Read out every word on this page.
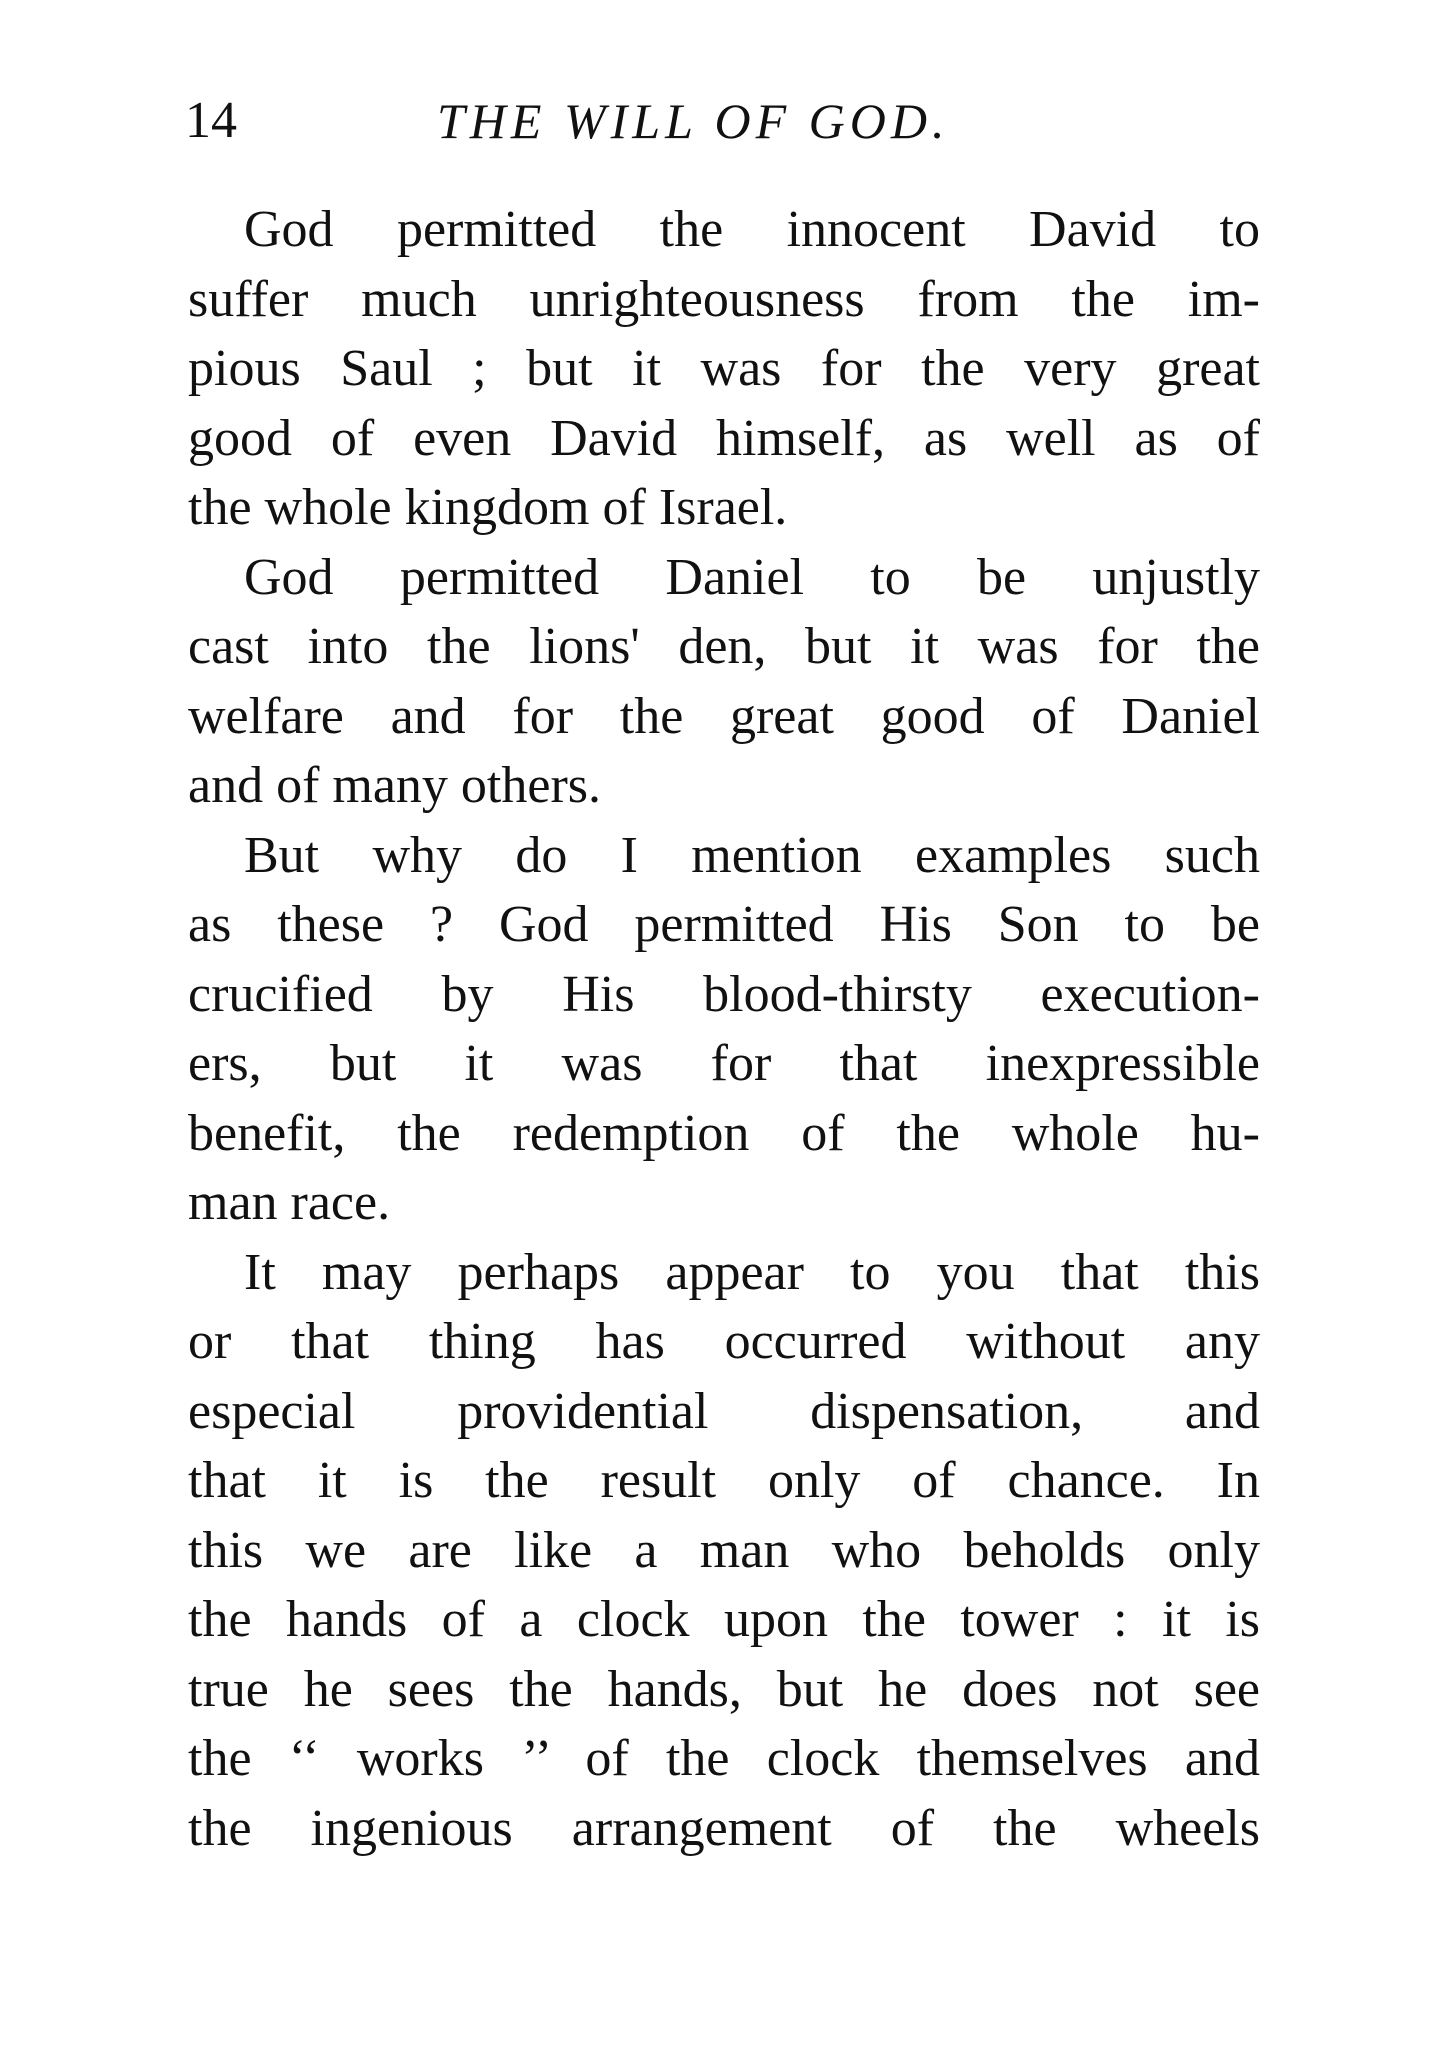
14	THE WILL OF GOD.
God permitted the innocent David to
suffer much unrighteousness from the im-
pious Saul ; but it was for the very great
good of even David himself, as well as of
the whole kingdom of Israel.
God permitted Daniel to be unjustly
cast into the lions' den, but it was for the
welfare and for the great good of Daniel
and of many others.
But why do I mention examples such
as these ? God permitted His Son to be
crucified by His blood-thirsty execution-
ers, but it was for that inexpressible
benefit, the redemption of the whole hu-
man race.
It may perhaps appear to you that this
or that thing has occurred without any
especial providential dispensation, and
that it is the result only of chance. In
this we are like a man who beholds only
the hands of a clock upon the tower : it is
true he sees the hands, but he does not see
the ‘‘ works ’’ of the clock themselves and
the ingenious arrangement of the wheels
